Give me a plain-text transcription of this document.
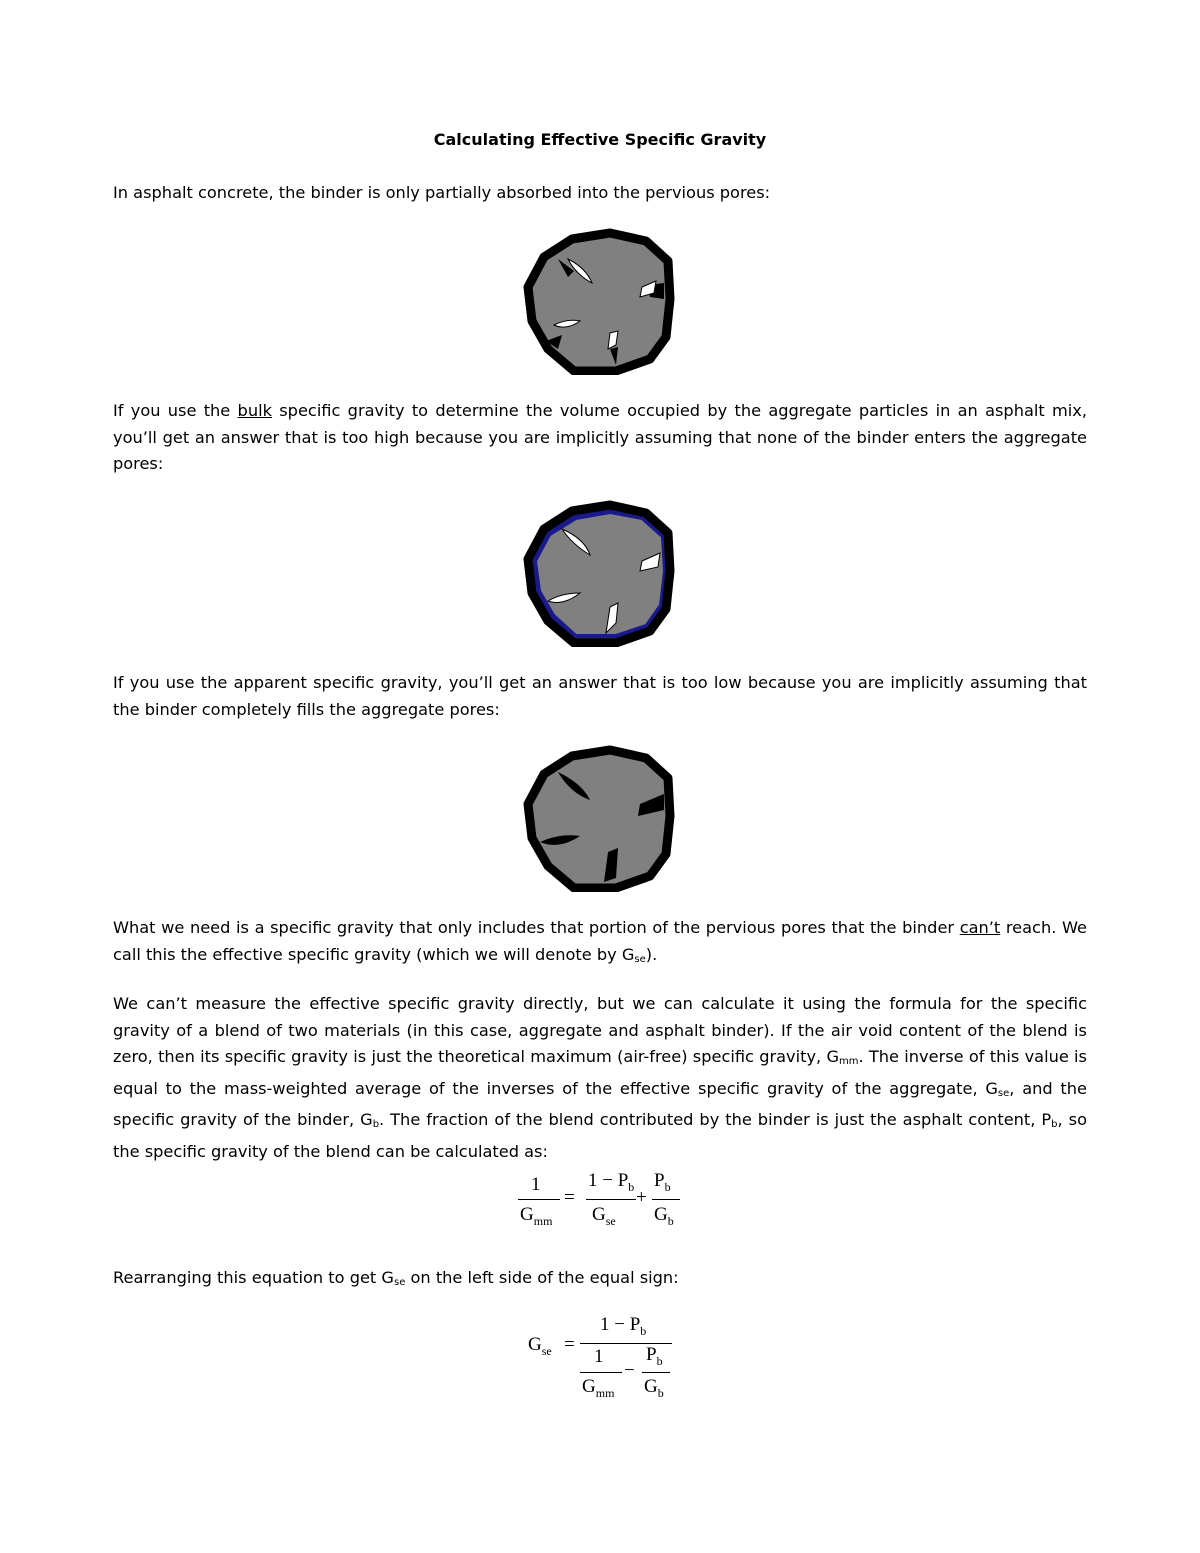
Calculating Effective Specific Gravity
In asphalt concrete, the binder is only partially absorbed into the pervious pores:
If you use the bulk specific gravity to determine the volume occupied by the aggregate particles in an asphalt mix, you’ll get an answer that is too high because you are implicitly assuming that none of the binder enters the aggregate pores:
If you use the apparent specific gravity, you’ll get an answer that is too low because you are implicitly assuming that the binder completely fills the aggregate pores:
What we need is a specific gravity that only includes that portion of the pervious pores that the binder can’t reach. We call this the effective specific gravity (which we will denote by $G_{se}$).
We can’t measure the effective specific gravity directly, but we can calculate it using the formula for the specific gravity of a blend of two materials (in this case, aggregate and asphalt binder). If the air void content of the blend is zero, then its specific gravity is just the theoretical maximum (air-free) specific gravity, $G_{mm}$. The inverse of this value is equal to the mass-weighted average of the inverses of the effective specific gravity of the aggregate, $G_{se}$, and the specific gravity of the binder, $G_b$. The fraction of the blend contributed by the binder is just the asphalt content, $P_b$, so the specific gravity of the blend can be calculated as:
1
$G_{mm}$
=
$1 - P_b$
$G_{se}$
+
$P_b$
$G_b$
Rearranging this equation to get $G_{se}$ on the left side of the equal sign:
$G_{se}$ =
$1 - P_b$
1
$G_{mm}$
−
$P_b$
$G_b$
